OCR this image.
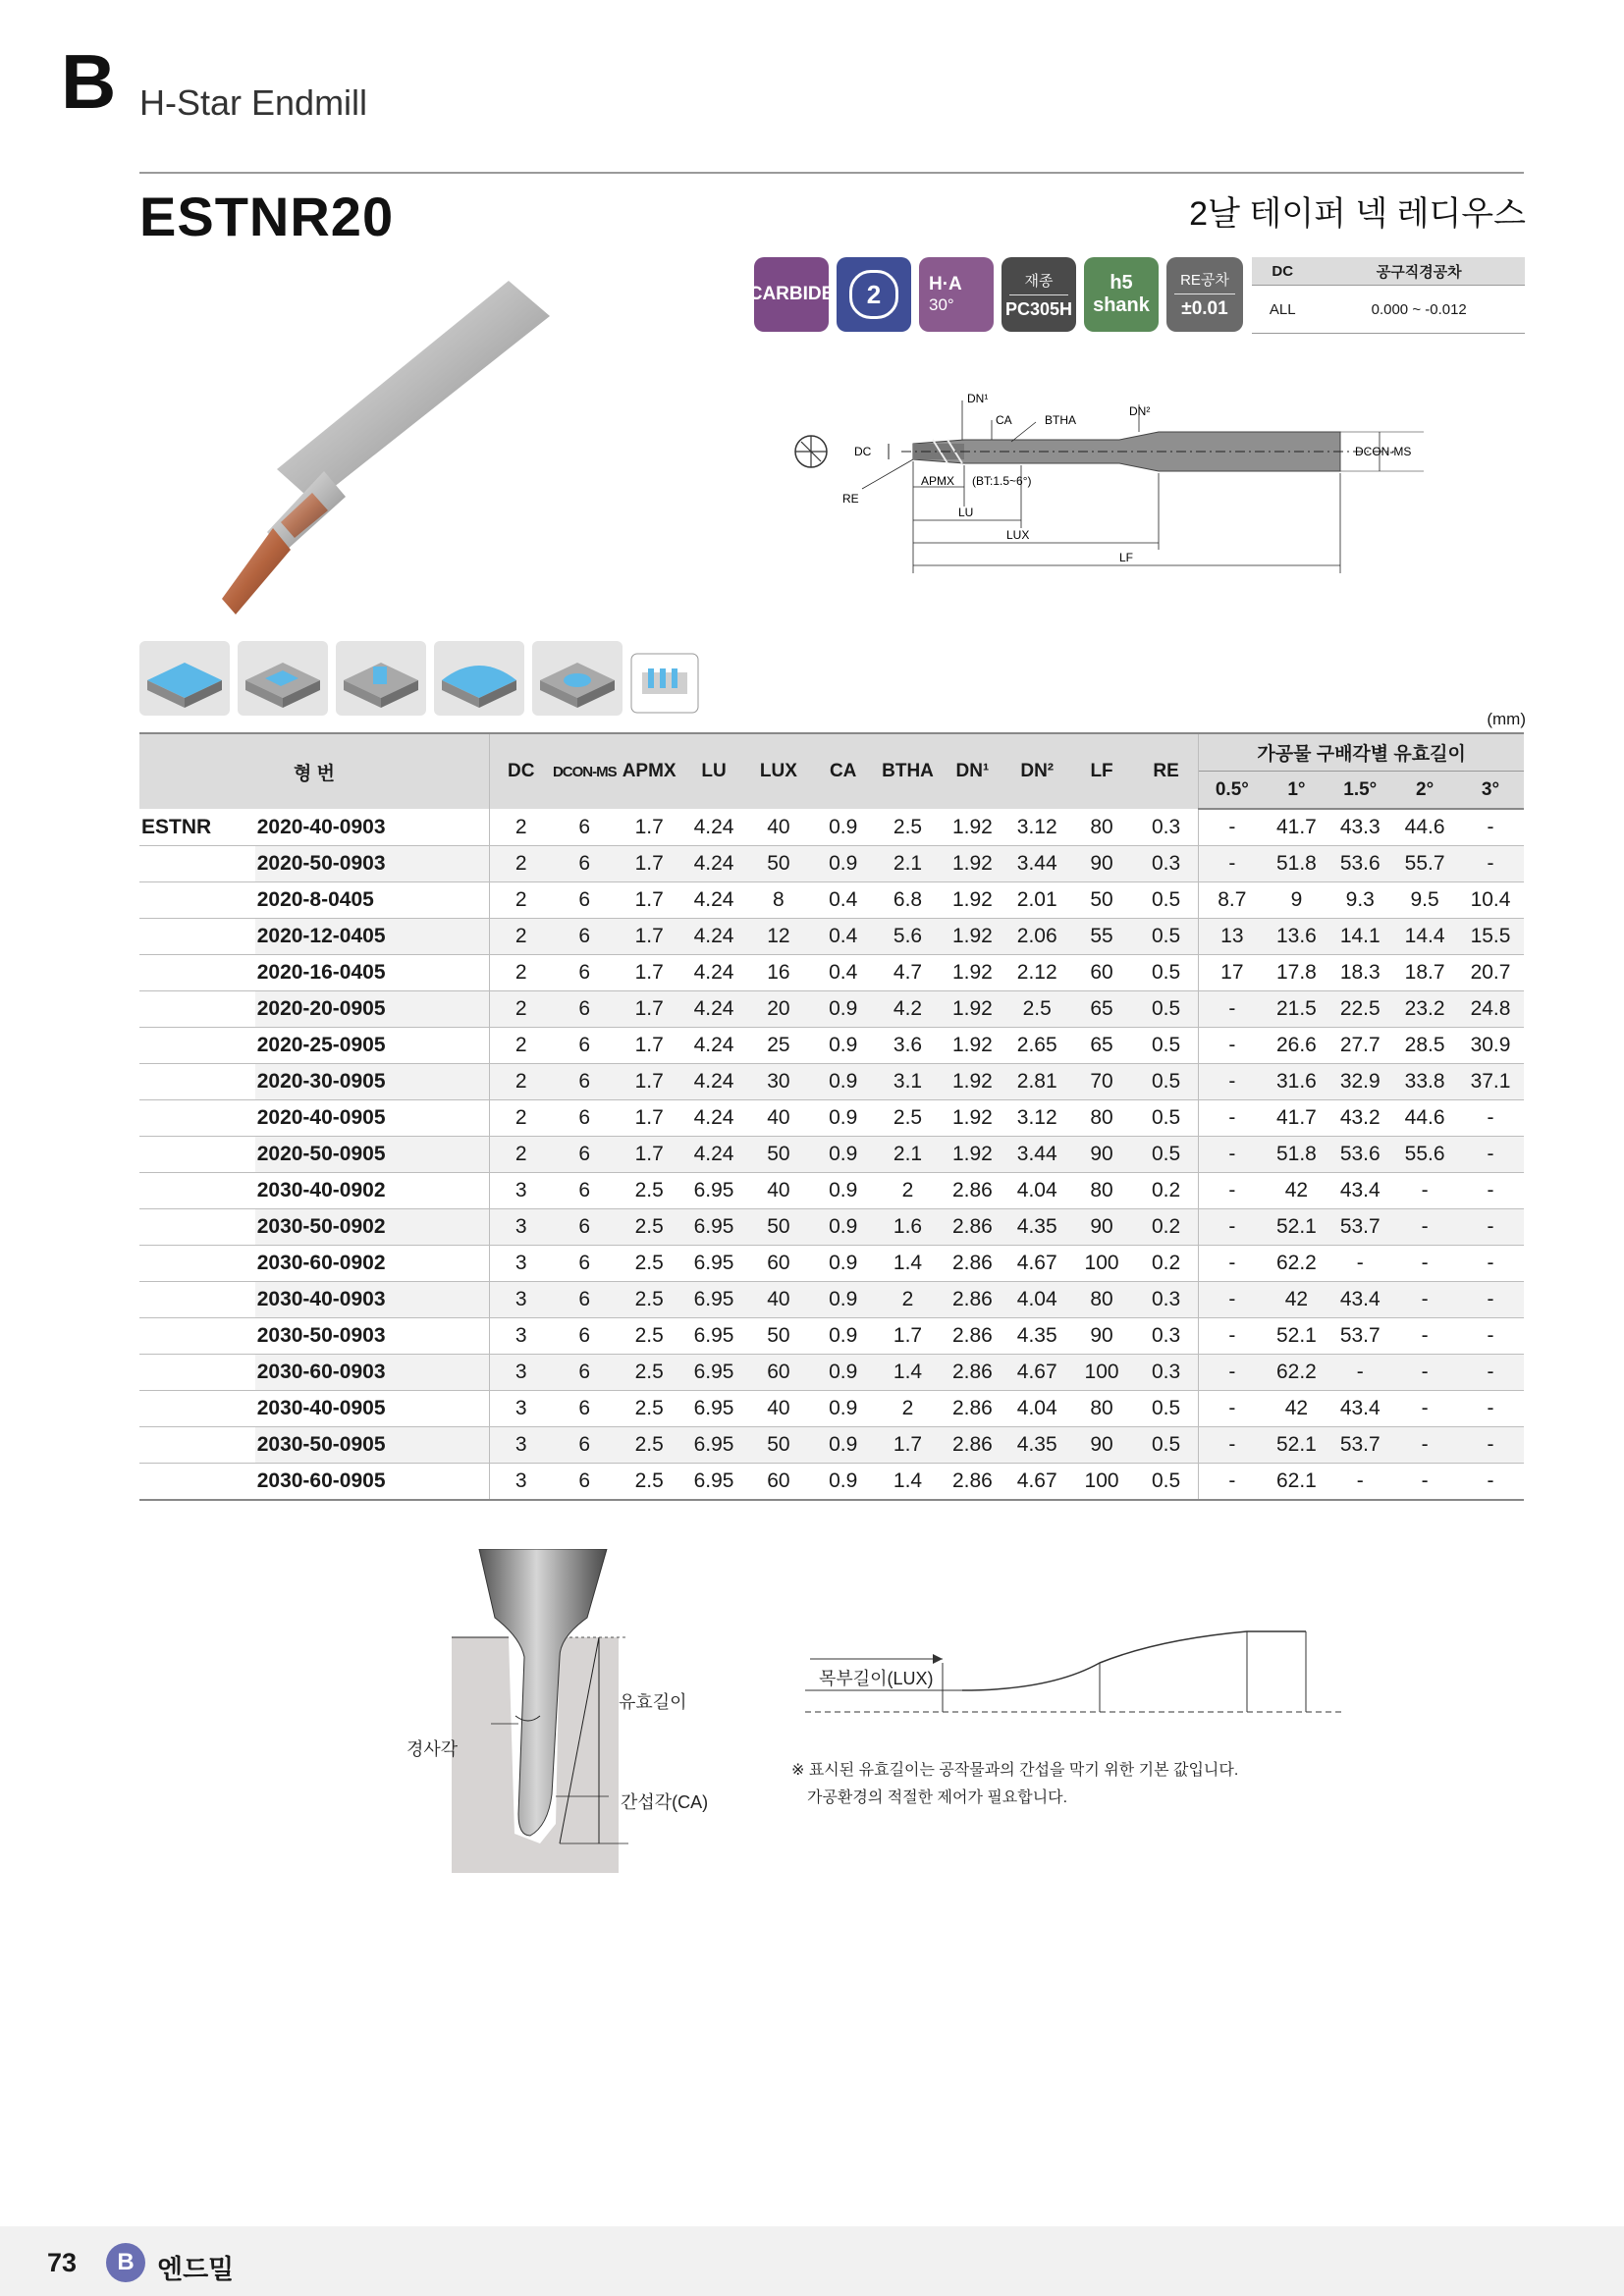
B H-Star Endmill
ESTNR20	2날 테이퍼 넥 레디우스
CARBIDE 2	H·A
30°
재종
PC305H
h5
shank
RE공차
±0.01
DC	공구직경공차
ALL	0.000 ~ -0.012
DN¹
CA	BTHA
DN²
DC	DCON-MS
APMX (BT:1.5~6°)
RE
LU
LUX
LF
(mm)
형 번		DC	DCON-MS	APMX	LU	LUX	CA	BTHA	DN¹	DN²	LF	RE	가공물 구배각별 유효길이				
													0.5°	1°	1.5°	2°	3°
ESTNR	2020-40-0903	2	6	1.7	4.24	40	0.9	2.5	1.92	3.12	80	0.3	-	41.7	43.3	44.6	-
	2020-50-0903	2	6	1.7	4.24	50	0.9	2.1	1.92	3.44	90	0.3	-	51.8	53.6	55.7	-
	2020-8-0405	2	6	1.7	4.24	8	0.4	6.8	1.92	2.01	50	0.5	8.7	9	9.3	9.5	10.4
	2020-12-0405	2	6	1.7	4.24	12	0.4	5.6	1.92	2.06	55	0.5	13	13.6	14.1	14.4	15.5
	2020-16-0405	2	6	1.7	4.24	16	0.4	4.7	1.92	2.12	60	0.5	17	17.8	18.3	18.7	20.7
	2020-20-0905	2	6	1.7	4.24	20	0.9	4.2	1.92	2.5	65	0.5	-	21.5	22.5	23.2	24.8
	2020-25-0905	2	6	1.7	4.24	25	0.9	3.6	1.92	2.65	65	0.5	-	26.6	27.7	28.5	30.9
	2020-30-0905	2	6	1.7	4.24	30	0.9	3.1	1.92	2.81	70	0.5	-	31.6	32.9	33.8	37.1
	2020-40-0905	2	6	1.7	4.24	40	0.9	2.5	1.92	3.12	80	0.5	-	41.7	43.2	44.6	-
	2020-50-0905	2	6	1.7	4.24	50	0.9	2.1	1.92	3.44	90	0.5	-	51.8	53.6	55.6	-
	2030-40-0902	3	6	2.5	6.95	40	0.9	2	2.86	4.04	80	0.2	-	42	43.4	-	-
	2030-50-0902	3	6	2.5	6.95	50	0.9	1.6	2.86	4.35	90	0.2	-	52.1	53.7	-	-
	2030-60-0902	3	6	2.5	6.95	60	0.9	1.4	2.86	4.67	100	0.2	-	62.2	-	-	-
	2030-40-0903	3	6	2.5	6.95	40	0.9	2	2.86	4.04	80	0.3	-	42	43.4	-	-
	2030-50-0903	3	6	2.5	6.95	50	0.9	1.7	2.86	4.35	90	0.3	-	52.1	53.7	-	-
	2030-60-0903	3	6	2.5	6.95	60	0.9	1.4	2.86	4.67	100	0.3	-	62.2	-	-	-
	2030-40-0905	3	6	2.5	6.95	40	0.9	2	2.86	4.04	80	0.5	-	42	43.4	-	-
	2030-50-0905	3	6	2.5	6.95	50	0.9	1.7	2.86	4.35	90	0.5	-	52.1	53.7	-	-
	2030-60-0905	3	6	2.5	6.95	60	0.9	1.4	2.86	4.67	100	0.5	-	62.1	-	-	-
유효길이
경사각
간섭각(CA)
목부길이(LUX)
※ 표시된 유효길이는 공작물과의 간섭을 막기 위한 기본 값입니다.
가공환경의 적절한 제어가 필요합니다.
73	B 엔드밀
